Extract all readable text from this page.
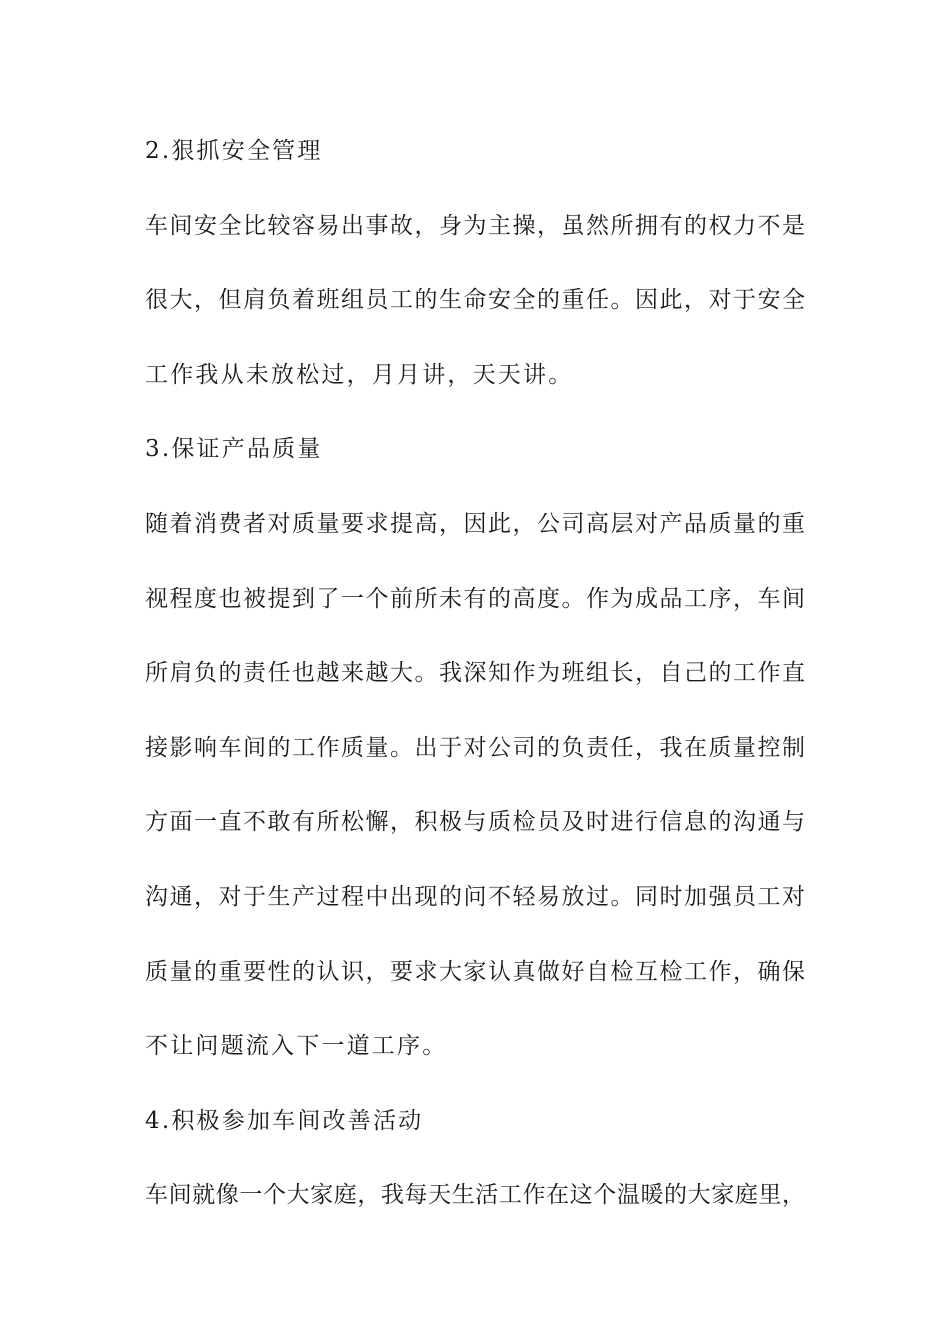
2.狠抓安全管理
车间安全比较容易出事故，身为主操，虽然所拥有的权力不是
很大，但肩负着班组员工的生命安全的重任。因此，对于安全
工作我从未放松过，月月讲，天天讲。
3.保证产品质量
随着消费者对质量要求提高，因此，公司高层对产品质量的重
视程度也被提到了一个前所未有的高度。作为成品工序，车间
所肩负的责任也越来越大。我深知作为班组长，自己的工作直
接影响车间的工作质量。出于对公司的负责任，我在质量控制
方面一直不敢有所松懈，积极与质检员及时进行信息的沟通与
沟通，对于生产过程中出现的问不轻易放过。同时加强员工对
质量的重要性的认识，要求大家认真做好自检互检工作，确保
不让问题流入下一道工序。
4.积极参加车间改善活动
车间就像一个大家庭，我每天生活工作在这个温暖的大家庭里，
